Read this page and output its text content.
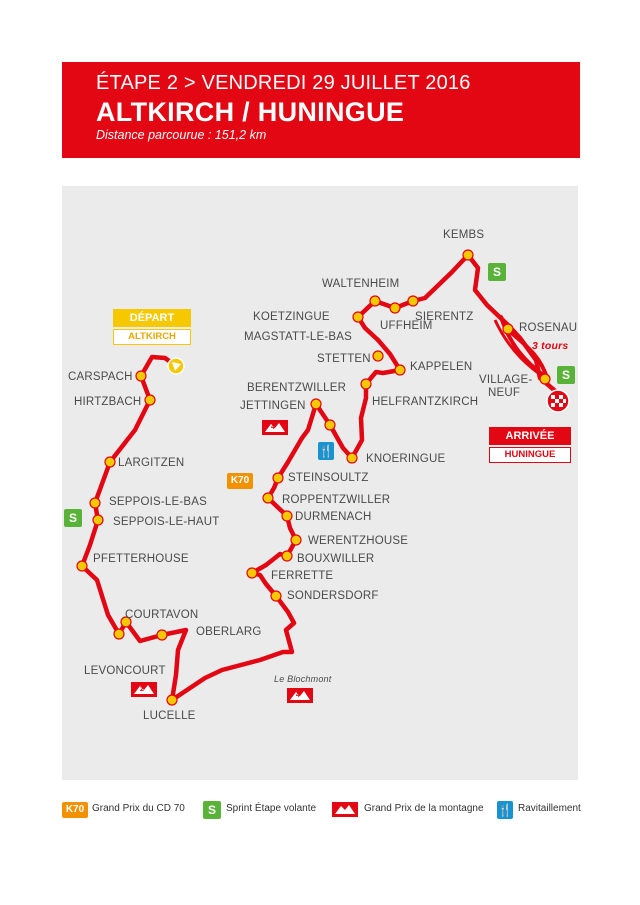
ÉTAPE 2 > VENDREDI 29 JUILLET 2016
ALTKIRCH / HUNINGUE
Distance parcourue : 151,2 km
4
2
4
DÉPART
ALTKIRCH
ARRIVÉE
HUNINGUE
3 tours
S
S
S
K70
🍴
CARSPACH
HIRTZBACH
LARGITZEN
SEPPOIS-LE-BAS
SEPPOIS-LE-HAUT
PFETTERHOUSE
COURTAVON
OBERLARG
LEVONCOURT
LUCELLE
Le Blochmont
SONDERSDORF
FERRETTE
BOUXWILLER
WERENTZHOUSE
DURMENACH
ROPPENTZWILLER
STEINSOULTZ
KNOERINGUE
BERENTZWILLER
JETTINGEN	HELFRANTZKIRCH
KAPPELEN
STETTEN
MAGSTATT-LE-BAS
KOETZINGUE
WALTENHEIM
UFFHEIM
SIERENTZ
KEMBS
ROSENAU
VILLAGE-
NEUF
K70 Grand Prix du CD 70	S	Sprint Étape volante	Grand Prix de la montagne 🍴 Ravitaillement
